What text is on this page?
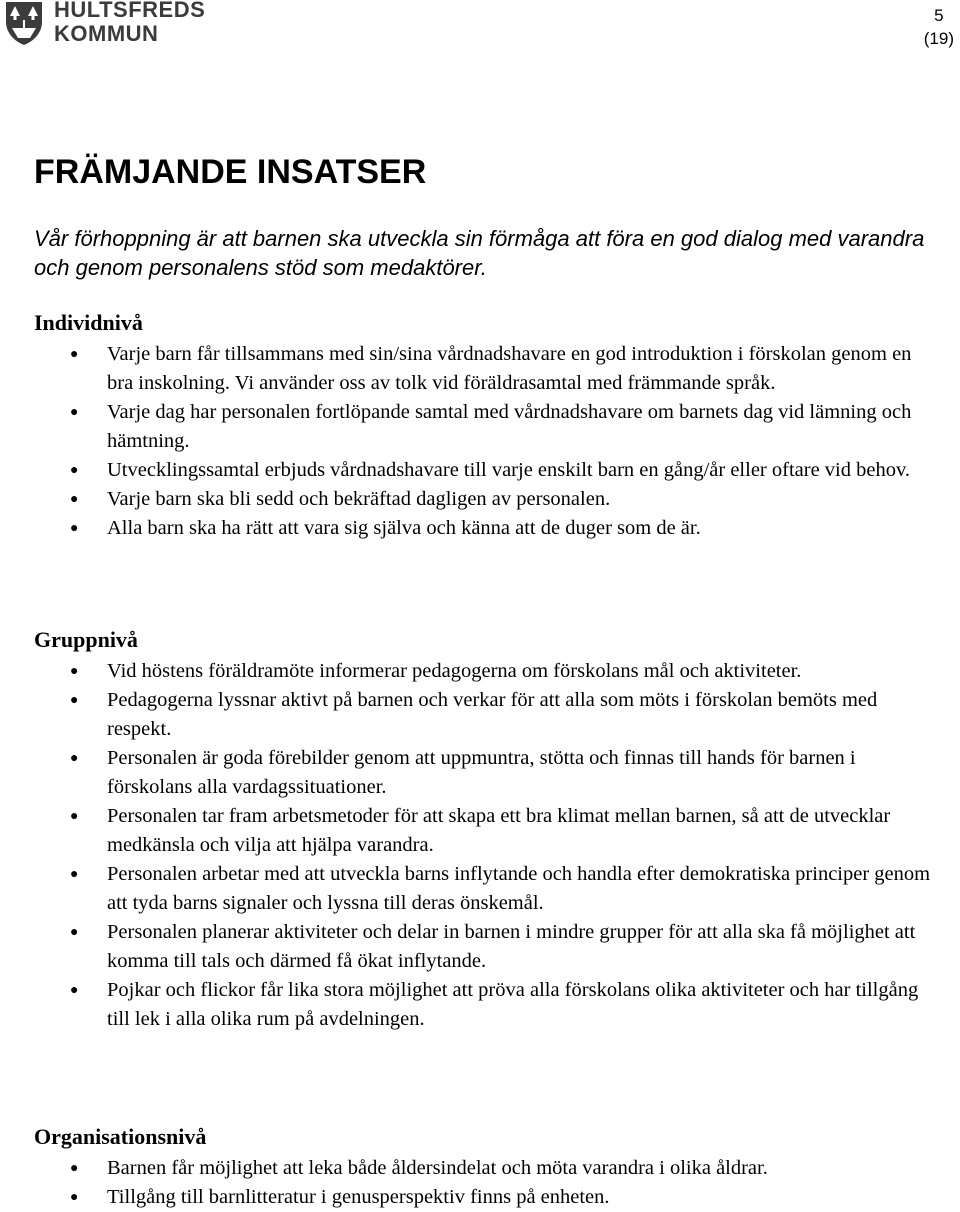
HULTSFREDS
KOMMUN
5
(19)
FRÄMJANDE INSATSER

Vår förhoppning är att barnen ska utveckla sin förmåga att föra en god dialog med varandra och genom personalens stöd som medaktörer.

Individnivå
● Varje barn får tillsammans med sin/sina vårdnadshavare en god introduktion i förskolan genom en bra inskolning. Vi använder oss av tolk vid föräldrasamtal med främmande språk.
● Varje dag har personalen fortlöpande samtal med vårdnadshavare om barnets dag vid lämning och hämtning.
● Utvecklingssamtal erbjuds vårdnadshavare till varje enskilt barn en gång/år eller oftare vid behov.
● Varje barn ska bli sedd och bekräftad dagligen av personalen.
● Alla barn ska ha rätt att vara sig själva och känna att de duger som de är.
Gruppnivå
● Vid höstens föräldramöte informerar pedagogerna om förskolans mål och aktiviteter.
● Pedagogerna lyssnar aktivt på barnen och verkar för att alla som möts i förskolan bemöts med respekt.
● Personalen är goda förebilder genom att uppmuntra, stötta och finnas till hands för barnen i förskolans alla vardagssituationer.
● Personalen tar fram arbetsmetoder för att skapa ett bra klimat mellan barnen, så att de utvecklar medkänsla och vilja att hjälpa varandra.
● Personalen arbetar med att utveckla barns inflytande och handla efter demokratiska principer genom att tyda barns signaler och lyssna till deras önskemål.
● Personalen planerar aktiviteter och delar in barnen i mindre grupper för att alla ska få möjlighet att komma till tals och därmed få ökat inflytande.
● Pojkar och flickor får lika stora möjlighet att pröva alla förskolans olika aktiviteter och har tillgång till lek i alla olika rum på avdelningen.
Organisationsnivå
● Barnen får möjlighet att leka både åldersindelat och möta varandra i olika åldrar.
● Tillgång till barnlitteratur i genusperspektiv finns på enheten.
